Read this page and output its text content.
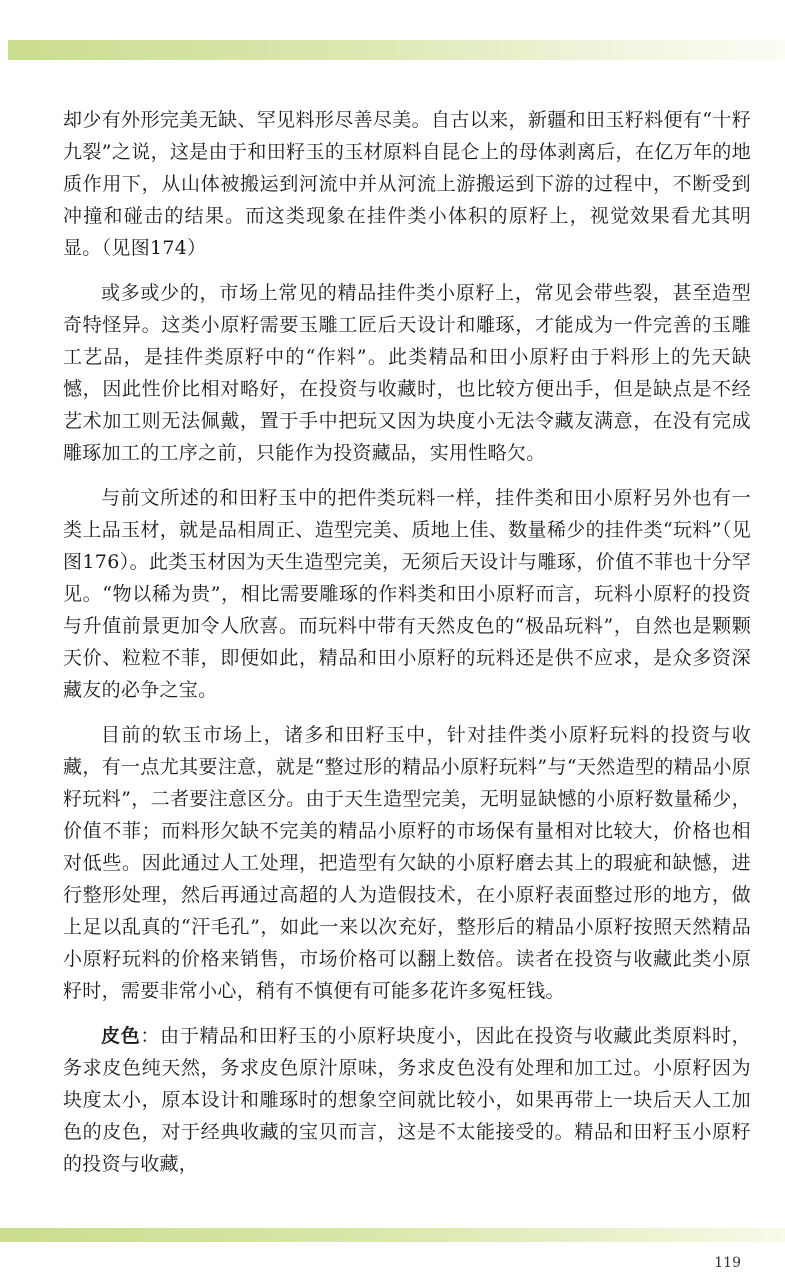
却少有外形完美无缺、罕见料形尽善尽美。自古以来，新疆和田玉籽料便有“十籽九裂”之说，这是由于和田籽玉的玉材原料自昆仑上的母体剥离后，在亿万年的地质作用下，从山体被搬运到河流中并从河流上游搬运到下游的过程中，不断受到冲撞和碰击的结果。而这类现象在挂件类小体积的原籽上，视觉效果看尤其明显。（见图174）

或多或少的，市场上常见的精品挂件类小原籽上，常见会带些裂，甚至造型奇特怪异。这类小原籽需要玉雕工匠后天设计和雕琢，才能成为一件完善的玉雕工艺品，是挂件类原籽中的“作料”。此类精品和田小原籽由于料形上的先天缺憾，因此性价比相对略好，在投资与收藏时，也比较方便出手，但是缺点是不经艺术加工则无法佩戴，置于手中把玩又因为块度小无法令藏友满意，在没有完成雕琢加工的工序之前，只能作为投资藏品，实用性略欠。

与前文所述的和田籽玉中的把件类玩料一样，挂件类和田小原籽另外也有一类上品玉材，就是品相周正、造型完美、质地上佳、数量稀少的挂件类“玩料”（见图176）。此类玉材因为天生造型完美，无须后天设计与雕琢，价值不菲也十分罕见。“物以稀为贵”，相比需要雕琢的作料类和田小原籽而言，玩料小原籽的投资与升值前景更加令人欣喜。而玩料中带有天然皮色的“极品玩料”，自然也是颗颗天价、粒粒不菲，即便如此，精品和田小原籽的玩料还是供不应求，是众多资深藏友的必争之宝。

目前的软玉市场上，诸多和田籽玉中，针对挂件类小原籽玩料的投资与收藏，有一点尤其要注意，就是“整过形的精品小原籽玩料”与“天然造型的精品小原籽玩料”，二者要注意区分。由于天生造型完美，无明显缺憾的小原籽数量稀少，价值不菲；而料形欠缺不完美的精品小原籽的市场保有量相对比较大，价格也相对低些。因此通过人工处理，把造型有欠缺的小原籽磨去其上的瑕疵和缺憾，进行整形处理，然后再通过高超的人为造假技术，在小原籽表面整过形的地方，做上足以乱真的“汗毛孔”，如此一来以次充好，整形后的精品小原籽按照天然精品小原籽玩料的价格来销售，市场价格可以翻上数倍。读者在投资与收藏此类小原籽时，需要非常小心，稍有不慎便有可能多花许多冤枉钱。

皮色：由于精品和田籽玉的小原籽块度小，因此在投资与收藏此类原料时，务求皮色纯天然，务求皮色原汁原味，务求皮色没有处理和加工过。小原籽因为块度太小，原本设计和雕琢时的想象空间就比较小，如果再带上一块后天人工加色的皮色，对于经典收藏的宝贝而言，这是不太能接受的。精品和田籽玉小原籽的投资与收藏，

119
